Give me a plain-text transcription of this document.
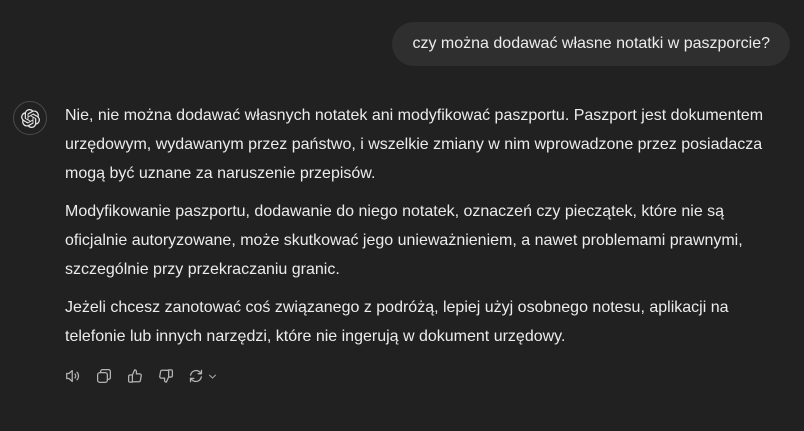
czy można dodawać własne notatki w paszporcie?

Nie, nie można dodawać własnych notatek ani modyfikować paszportu. Paszport jest dokumentem urzędowym, wydawanym przez państwo, i wszelkie zmiany w nim wprowadzone przez posiadacza mogą być uznane za naruszenie przepisów.

Modyfikowanie paszportu, dodawanie do niego notatek, oznaczeń czy pieczątek, które nie są oficjalnie autoryzowane, może skutkować jego unieważnieniem, a nawet problemami prawnymi, szczególnie przy przekraczaniu granic.

Jeżeli chcesz zanotować coś związanego z podróżą, lepiej użyj osobnego notesu, aplikacji na telefonie lub innych narzędzi, które nie ingerują w dokument urzędowy.
